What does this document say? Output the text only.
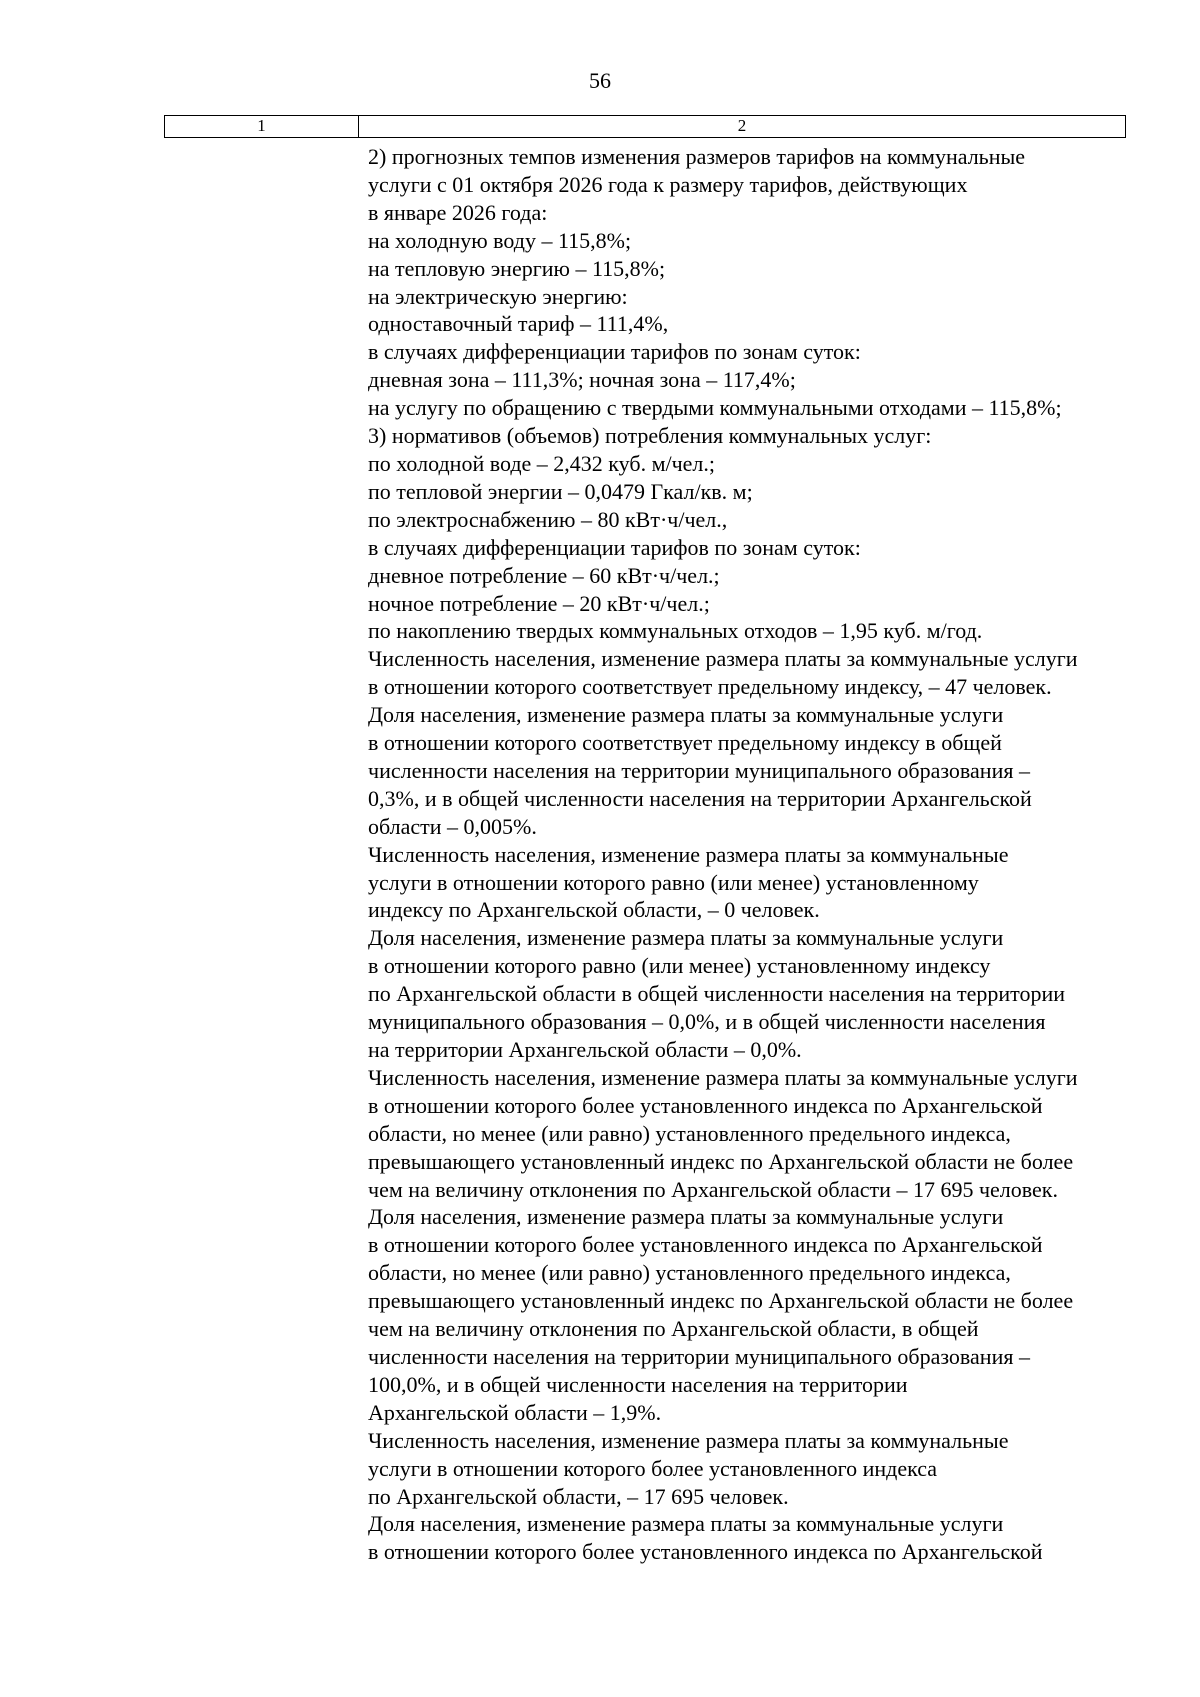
56
1	2
2) прогнозных темпов изменения размеров тарифов на коммунальные
услуги с 01 октября 2026 года к размеру тарифов, действующих
в январе 2026 года:
на холодную воду – 115,8%;
на тепловую энергию – 115,8%;
на электрическую энергию:
одноставочный тариф – 111,4%,
в случаях дифференциации тарифов по зонам суток:
дневная зона – 111,3%; ночная зона – 117,4%;
на услугу по обращению с твердыми коммунальными отходами – 115,8%;
3) нормативов (объемов) потребления коммунальных услуг:
по холодной воде – 2,432 куб. м/чел.;
по тепловой энергии – 0,0479 Гкал/кв. м;
по электроснабжению – 80 кВт·ч/чел.,
в случаях дифференциации тарифов по зонам суток:
дневное потребление – 60 кВт·ч/чел.;
ночное потребление – 20 кВт·ч/чел.;
по накоплению твердых коммунальных отходов – 1,95 куб. м/год.
Численность населения, изменение размера платы за коммунальные услуги
в отношении которого соответствует предельному индексу, – 47 человек.
Доля населения, изменение размера платы за коммунальные услуги
в отношении которого соответствует предельному индексу в общей
численности населения на территории муниципального образования –
0,3%, и в общей численности населения на территории Архангельской
области – 0,005%.
Численность населения, изменение размера платы за коммунальные
услуги в отношении которого равно (или менее) установленному
индексу по Архангельской области, – 0 человек.
Доля населения, изменение размера платы за коммунальные услуги
в отношении которого равно (или менее) установленному индексу
по Архангельской области в общей численности населения на территории
муниципального образования – 0,0%, и в общей численности населения
на территории Архангельской области – 0,0%.
Численность населения, изменение размера платы за коммунальные услуги
в отношении которого более установленного индекса по Архангельской
области, но менее (или равно) установленного предельного индекса,
превышающего установленный индекс по Архангельской области не более
чем на величину отклонения по Архангельской области – 17 695 человек.
Доля населения, изменение размера платы за коммунальные услуги
в отношении которого более установленного индекса по Архангельской
области, но менее (или равно) установленного предельного индекса,
превышающего установленный индекс по Архангельской области не более
чем на величину отклонения по Архангельской области, в общей
численности населения на территории муниципального образования –
100,0%, и в общей численности населения на территории
Архангельской области – 1,9%.
Численность населения, изменение размера платы за коммунальные
услуги в отношении которого более установленного индекса
по Архангельской области, – 17 695 человек.
Доля населения, изменение размера платы за коммунальные услуги
в отношении которого более установленного индекса по Архангельской
